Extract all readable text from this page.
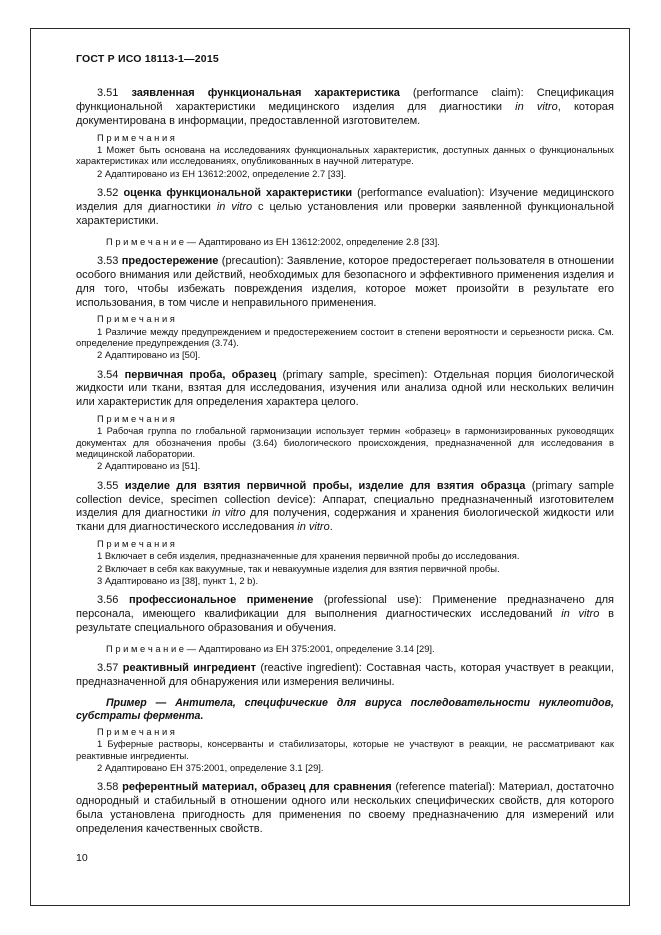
ГОСТ Р ИСО 18113-1—2015

3.51 заявленная функциональная характеристика (performance claim): Спецификация функциональной характеристики медицинского изделия для диагностики in vitro, которая документирована в информации, предоставленной изготовителем.

П р и м е ч а н и я

1 Может быть основана на исследованиях функциональных характеристик, доступных данных о функциональных характеристиках или исследованиях, опубликованных в научной литературе.

2 Адаптировано из ЕН 13612:2002, определение 2.7 [33].

3.52 оценка функциональной характеристики (performance evaluation): Изучение медицинского изделия для диагностики in vitro с целью установления или проверки заявленной функциональной характеристики.

П р и м е ч а н и е — Адаптировано из ЕН 13612:2002, определение 2.8 [33].

3.53 предостережение (precaution): Заявление, которое предостерегает пользователя в отношении особого внимания или действий, необходимых для безопасного и эффективного применения изделия и для того, чтобы избежать повреждения изделия, которое может произойти в результате его использования, в том числе и неправильного применения.

П р и м е ч а н и я

1 Различие между предупреждением и предостережением состоит в степени вероятности и серьезности риска. См. определение предупреждения (3.74).

2 Адаптировано из [50].

3.54 первичная проба, образец (primary sample, specimen): Отдельная порция биологической жидкости или ткани, взятая для исследования, изучения или анализа одной или нескольких величин или характеристик для определения характера целого.

П р и м е ч а н и я

1 Рабочая группа по глобальной гармонизации использует термин «образец» в гармонизированных руководящих документах для обозначения пробы (3.64) биологического происхождения, предназначенной для исследования в медицинской лаборатории.

2 Адаптировано из [51].

3.55 изделие для взятия первичной пробы, изделие для взятия образца (primary sample collection device, specimen collection device): Аппарат, специально предназначенный изготовителем изделия для диагностики in vitro для получения, содержания и хранения биологической жидкости или ткани для диагностического исследования in vitro.

П р и м е ч а н и я

1 Включает в себя изделия, предназначенные для хранения первичной пробы до исследования.

2 Включает в себя как вакуумные, так и невакуумные изделия для взятия первичной пробы.

3 Адаптировано из [38], пункт 1, 2 b).

3.56 профессиональное применение (professional use): Применение предназначено для персонала, имеющего квалификации для выполнения диагностических исследований in vitro в результате специального образования и обучения.

П р и м е ч а н и е — Адаптировано из ЕН 375:2001, определение 3.14 [29].

3.57 реактивный ингредиент (reactive ingredient): Составная часть, которая участвует в реакции, предназначенной для обнаружения или измерения величины.

Пример — Антитела, специфические для вируса последовательности нуклеотидов, субстраты фермента.

П р и м е ч а н и я

1 Буферные растворы, консерванты и стабилизаторы, которые не участвуют в реакции, не рассматривают как реактивные ингредиенты.

2 Адаптировано ЕН 375:2001, определение 3.1 [29].

3.58 референтный материал, образец для сравнения (reference material): Материал, достаточно однородный и стабильный в отношении одного или нескольких специфических свойств, для которого была установлена пригодность для применения по своему предназначению для измерений или определения качественных свойств.

10
